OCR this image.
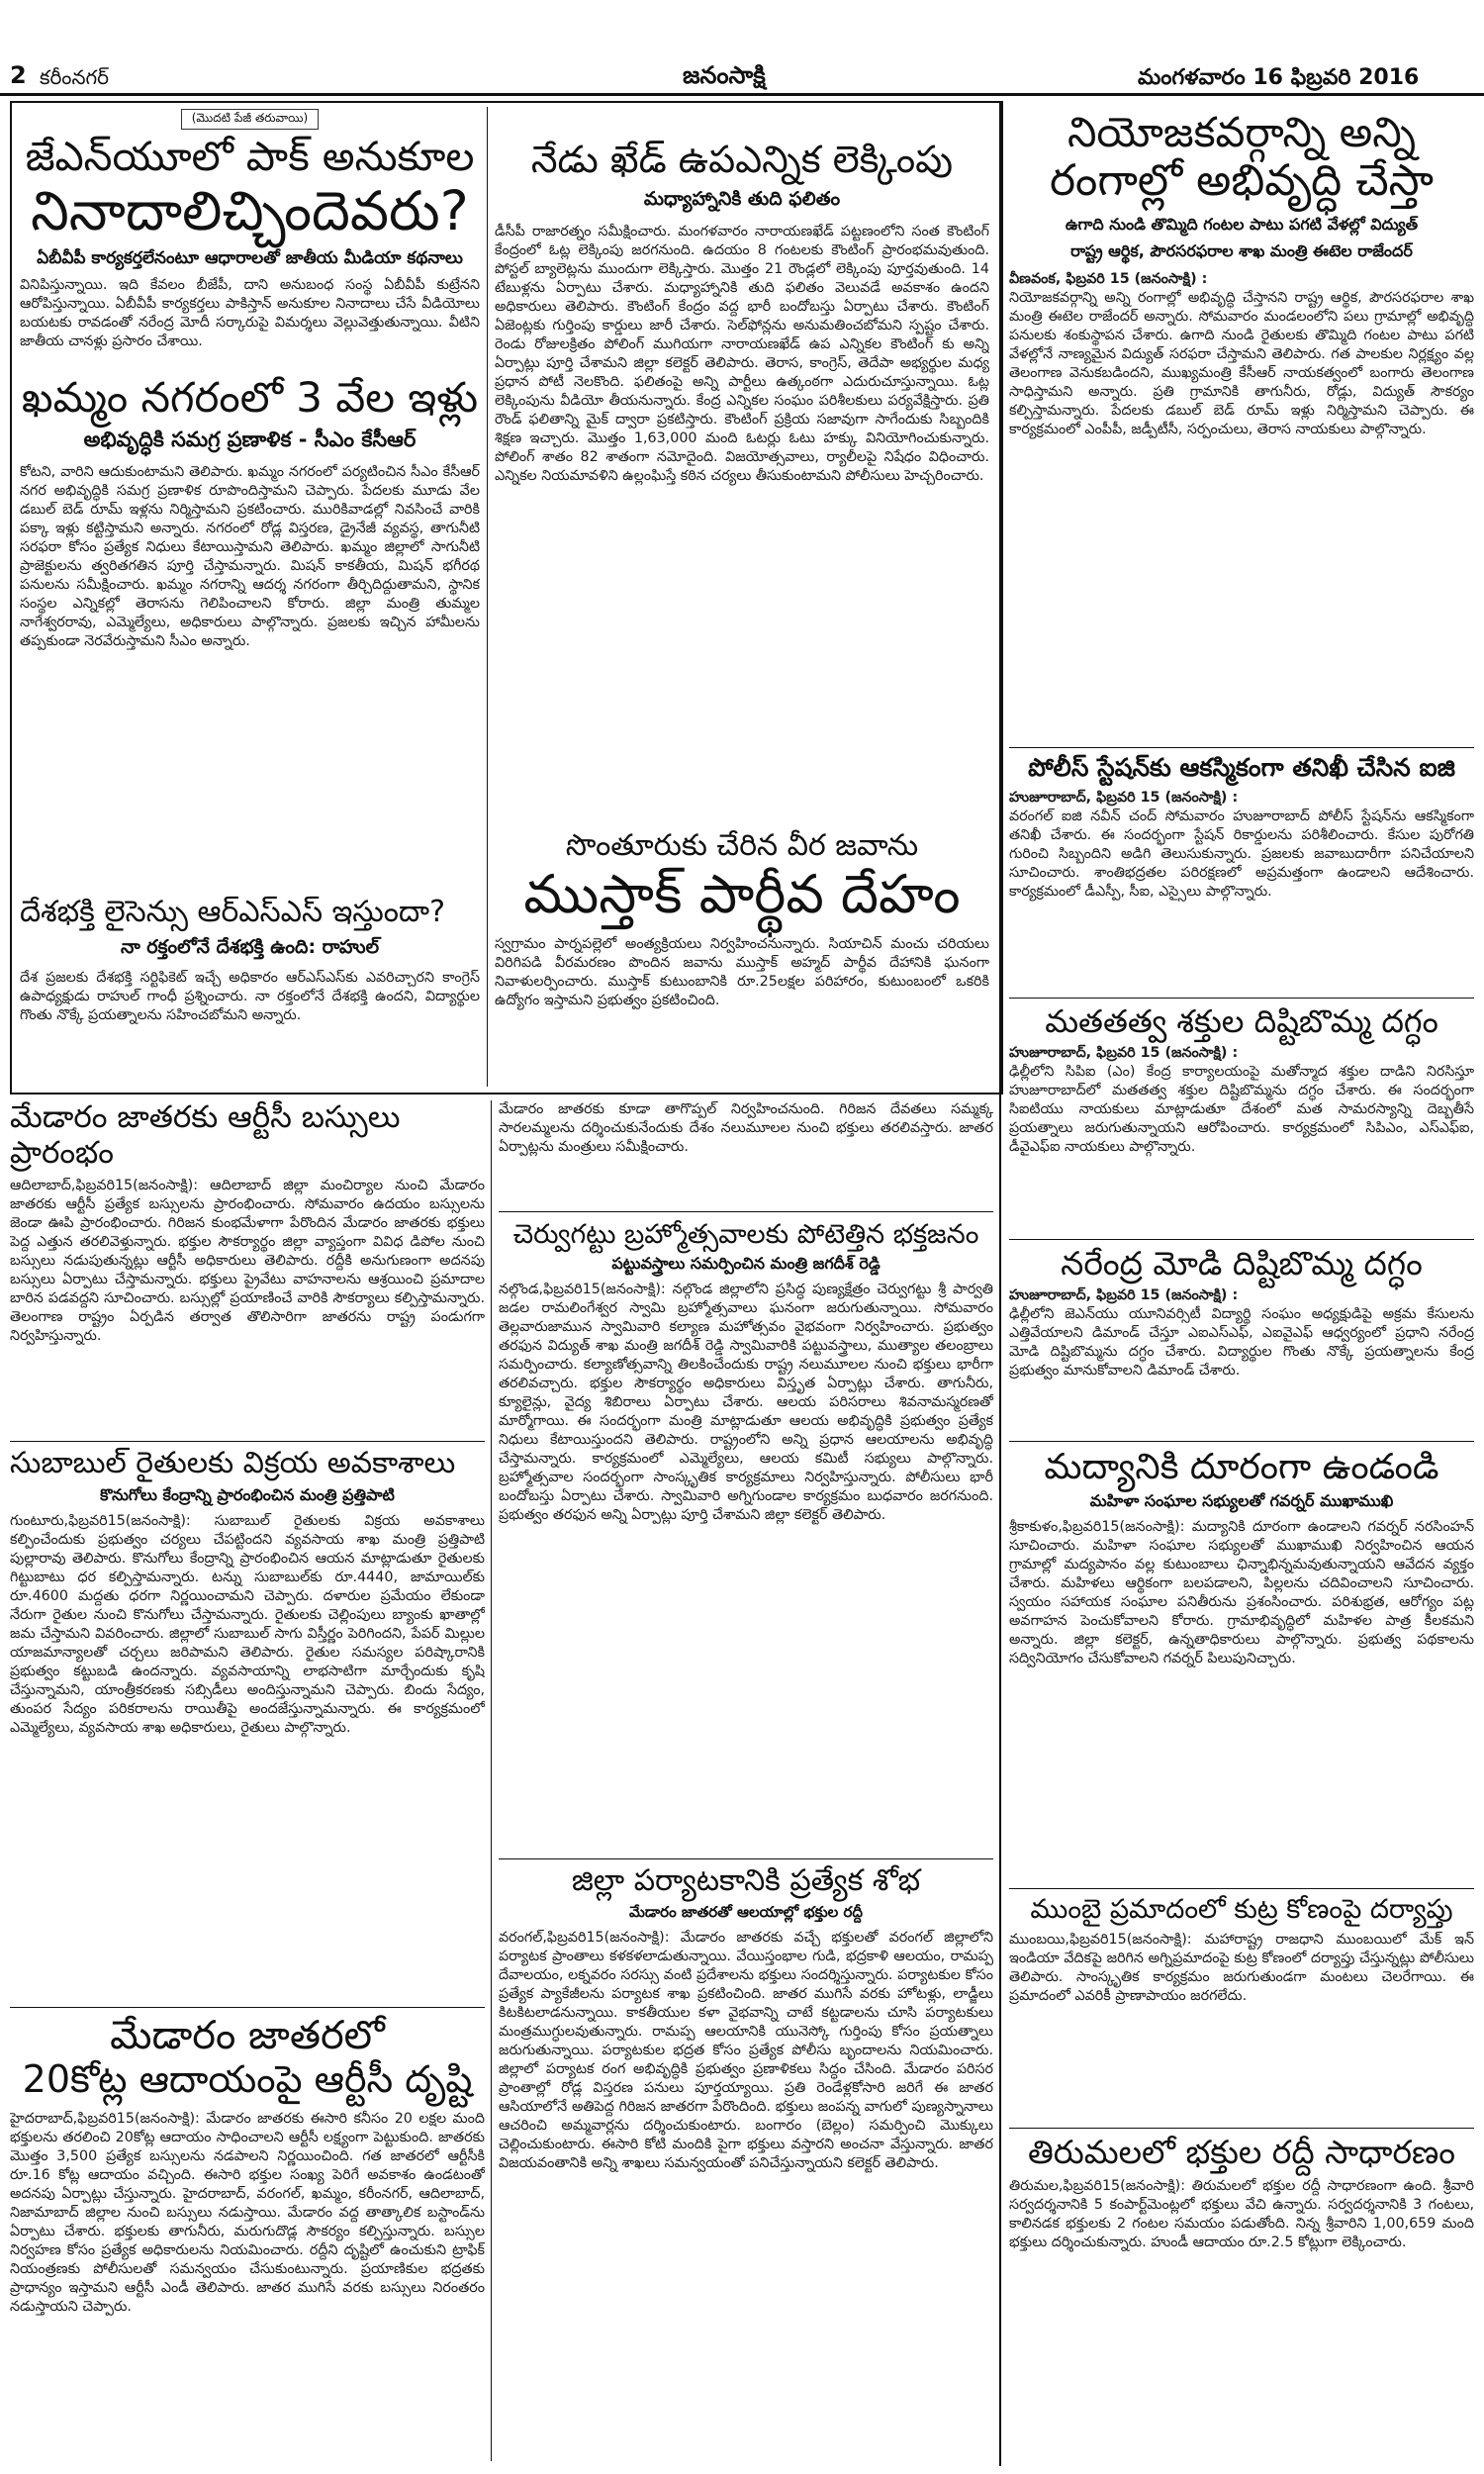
2 కరీంనగర్	జనంసాక్షి	మంగళవారం 16 ఫిబ్రవరి 2016
(మొదటి పేజీ తరువాయి)
జేఎన్‌యూలో పాక్ అనుకూల
నినాదాలిచ్చిందెవరు?
ఏబీవీపీ కార్యకర్తలేనంటూ ఆధారాలతో జాతీయ మీడియా కథనాలు
వినిపిస్తున్నాయి. ఇది కేవలం బీజేపీ, దాని అనుబంధ సంస్థ ఏబీవీపీ కుట్రేనని ఆరోపిస్తున్నాయి. ఏబీవీపీ కార్యకర్తలు పాకిస్తాన్ అనుకూల నినాదాలు చేసే వీడియోలు బయటకు రావడంతో నరేంద్ర మోదీ సర్కారుపై విమర్శలు వెల్లువెత్తుతున్నాయి. వీటిని జాతీయ చానళ్లు ప్రసారం చేశాయి.
ఖమ్మం నగరంలో 3 వేల ఇళ్లు
అభివృద్ధికి సమగ్ర ప్రణాళిక - సీఎం కేసీఆర్
కోటని, వారిని ఆదుకుంటామని తెలిపారు. ఖమ్మం నగరంలో పర్యటించిన సీఎం కేసీఆర్ నగర అభివృద్ధికి సమగ్ర ప్రణాళిక రూపొందిస్తామని చెప్పారు. పేదలకు మూడు వేల డబుల్ బెడ్ రూమ్ ఇళ్లను నిర్మిస్తామని ప్రకటించారు. మురికివాడల్లో నివసించే వారికి పక్కా ఇళ్లు కట్టిస్తామని అన్నారు. నగరంలో రోడ్ల విస్తరణ, డ్రైనేజీ వ్యవస్థ, తాగునీటి సరఫరా కోసం ప్రత్యేక నిధులు కేటాయిస్తామని తెలిపారు. ఖమ్మం జిల్లాలో సాగునీటి ప్రాజెక్టులను త్వరితగతిన పూర్తి చేస్తామన్నారు. మిషన్ కాకతీయ, మిషన్ భగీరథ పనులను సమీక్షించారు. ఖమ్మం నగరాన్ని ఆదర్శ నగరంగా తీర్చిదిద్దుతామని, స్థానిక సంస్థల ఎన్నికల్లో తెరాసను గెలిపించాలని కోరారు. జిల్లా మంత్రి తుమ్మల నాగేశ్వరరావు, ఎమ్మెల్యేలు, అధికారులు పాల్గొన్నారు. ప్రజలకు ఇచ్చిన హామీలను తప్పకుండా నెరవేరుస్తామని సీఎం అన్నారు.
దేశభక్తి లైసెన్సు ఆర్ఎస్ఎస్ ఇస్తుందా?
నా రక్తంలోనే దేశభక్తి ఉంది: రాహుల్
దేశ ప్రజలకు దేశభక్తి సర్టిఫికెట్ ఇచ్చే అధికారం ఆర్ఎస్ఎస్‌కు ఎవరిచ్చారని కాంగ్రెస్ ఉపాధ్యక్షుడు రాహుల్ గాంధీ ప్రశ్నించారు. నా రక్తంలోనే దేశభక్తి ఉందని, విద్యార్థుల గొంతు నొక్కే ప్రయత్నాలను సహించబోమని అన్నారు.
నేడు ఖేడ్ ఉపఎన్నిక లెక్కింపు
మధ్యాహ్నానికి తుది ఫలితం
డీసీపీ రాజారత్నం సమీక్షించారు. మంగళవారం నారాయణఖేడ్ పట్టణంలోని సంత కౌంటింగ్ కేంద్రంలో ఓట్ల లెక్కింపు జరగనుంది. ఉదయం 8 గంటలకు కౌంటింగ్ ప్రారంభమవుతుంది. పోస్టల్ బ్యాలెట్లను ముందుగా లెక్కిస్తారు. మొత్తం 21 రౌండ్లలో లెక్కింపు పూర్తవుతుంది. 14 టేబుళ్లను ఏర్పాటు చేశారు. మధ్యాహ్నానికి తుది ఫలితం వెలువడే అవకాశం ఉందని అధికారులు తెలిపారు. కౌంటింగ్ కేంద్రం వద్ద భారీ బందోబస్తు ఏర్పాటు చేశారు. కౌంటింగ్ ఏజెంట్లకు గుర్తింపు కార్డులు జారీ చేశారు. సెల్‌ఫోన్లను అనుమతించబోమని స్పష్టం చేశారు. రెండు రోజులక్రితం పోలింగ్ ముగియగా నారాయణఖేడ్ ఉప ఎన్నికల కౌంటింగ్ కు అన్ని ఏర్పాట్లు పూర్తి చేశామని జిల్లా కలెక్టర్ తెలిపారు. తెరాస, కాంగ్రెస్, తెదేపా అభ్యర్థుల మధ్య ప్రధాన పోటీ నెలకొంది. ఫలితంపై అన్ని పార్టీలు ఉత్కంఠగా ఎదురుచూస్తున్నాయి. ఓట్ల లెక్కింపును వీడియో తీయనున్నారు. కేంద్ర ఎన్నికల సంఘం పరిశీలకులు పర్యవేక్షిస్తారు. ప్రతి రౌండ్ ఫలితాన్ని మైక్ ద్వారా ప్రకటిస్తారు. కౌంటింగ్ ప్రక్రియ సజావుగా సాగేందుకు సిబ్బందికి శిక్షణ ఇచ్చారు. మొత్తం 1,63,000 మంది ఓటర్లు ఓటు హక్కు వినియోగించుకున్నారు. పోలింగ్ శాతం 82 శాతంగా నమోదైంది. విజయోత్సవాలు, ర్యాలీలపై నిషేధం విధించారు. ఎన్నికల నియమావళిని ఉల్లంఘిస్తే కఠిన చర్యలు తీసుకుంటామని పోలీసులు హెచ్చరించారు.
సొంతూరుకు చేరిన వీర జవాను
ముస్తాక్ పార్థీవ దేహం
స్వగ్రామం పార్నపల్లెలో అంత్యక్రియలు నిర్వహించనున్నారు. సియాచిన్ మంచు చరియలు విరిగిపడి వీరమరణం పొందిన జవాను ముస్తాక్ అహ్మద్ పార్థీవ దేహానికి ఘనంగా నివాళులర్పించారు. ముస్తాక్ కుటుంబానికి రూ.25లక్షల పరిహారం, కుటుంబంలో ఒకరికి ఉద్యోగం ఇస్తామని ప్రభుత్వం ప్రకటించింది.
నియోజకవర్గాన్ని అన్ని
రంగాల్లో అభివృద్ధి చేస్తా
ఉగాది నుండి తొమ్మిది గంటల పాటు పగటి వేళల్లో విద్యుత్
రాష్ట్ర ఆర్థిక, పౌరసరఫరాల శాఖ మంత్రి ఈటెల రాజేందర్
వీణవంక, ఫిబ్రవరి 15 (జనంసాక్షి) :
నియోజకవర్గాన్ని అన్ని రంగాల్లో అభివృద్ధి చేస్తానని రాష్ట్ర ఆర్థిక, పౌరసరఫరాల శాఖ మంత్రి ఈటెల రాజేందర్ అన్నారు. సోమవారం మండలంలోని పలు గ్రామాల్లో అభివృద్ధి పనులకు శంకుస్థాపన చేశారు. ఉగాది నుండి రైతులకు తొమ్మిది గంటల పాటు పగటి వేళల్లోనే నాణ్యమైన విద్యుత్ సరఫరా చేస్తామని తెలిపారు. గత పాలకుల నిర్లక్ష్యం వల్ల తెలంగాణ వెనుకబడిందని, ముఖ్యమంత్రి కేసీఆర్ నాయకత్వంలో బంగారు తెలంగాణ సాధిస్తామని అన్నారు. ప్రతి గ్రామానికి తాగునీరు, రోడ్లు, విద్యుత్ సౌకర్యం కల్పిస్తామన్నారు. పేదలకు డబుల్ బెడ్ రూమ్ ఇళ్లు నిర్మిస్తామని చెప్పారు. ఈ కార్యక్రమంలో ఎంపీపీ, జడ్పీటీసీ, సర్పంచులు, తెరాస నాయకులు పాల్గొన్నారు.
పోలీస్ స్టేషన్‌కు ఆకస్మికంగా తనిఖీ చేసిన ఐజి
హుజూరాబాద్, ఫిబ్రవరి 15 (జనంసాక్షి) :
వరంగల్ ఐజి నవీన్ చంద్ సోమవారం హుజూరాబాద్ పోలీస్ స్టేషన్‌ను ఆకస్మికంగా తనిఖీ చేశారు. ఈ సందర్భంగా స్టేషన్ రికార్డులను పరిశీలించారు. కేసుల పురోగతి గురించి సిబ్బందిని అడిగి తెలుసుకున్నారు. ప్రజలకు జవాబుదారీగా పనిచేయాలని సూచించారు. శాంతిభద్రతల పరిరక్షణలో అప్రమత్తంగా ఉండాలని ఆదేశించారు. కార్యక్రమంలో డీఎస్పీ, సీఐ, ఎస్సైలు పాల్గొన్నారు.
మతతత్వ శక్తుల దిష్టిబొమ్మ దగ్ధం
హుజూరాబాద్, ఫిబ్రవరి 15 (జనంసాక్షి) :
ఢిల్లీలోని సిపిఐ (ఎం) కేంద్ర కార్యాలయంపై మతోన్మాద శక్తుల దాడిని నిరసిస్తూ హుజూరాబాద్‌లో మతతత్వ శక్తుల దిష్టిబొమ్మను దగ్ధం చేశారు. ఈ సందర్భంగా సిఐటియు నాయకులు మాట్లాడుతూ దేశంలో మత సామరస్యాన్ని దెబ్బతీసే ప్రయత్నాలు జరుగుతున్నాయని ఆరోపించారు. కార్యక్రమంలో సిపిఎం, ఎస్ఎఫ్ఐ, డీవైఎఫ్ఐ నాయకులు పాల్గొన్నారు.
నరేంద్ర మోడి దిష్టిబొమ్మ దగ్ధం
హుజూరాబాద్, ఫిబ్రవరి 15 (జనంసాక్షి) :
ఢిల్లీలోని జెఎన్‌యు యూనివర్సిటీ విద్యార్థి సంఘం అధ్యక్షుడిపై అక్రమ కేసులను ఎత్తివేయాలని డిమాండ్ చేస్తూ ఎఐఎస్ఎఫ్, ఎఐవైఎఫ్ ఆధ్వర్యంలో ప్రధాని నరేంద్ర మోడి దిష్టిబొమ్మను దగ్ధం చేశారు. విద్యార్థుల గొంతు నొక్కే ప్రయత్నాలను కేంద్ర ప్రభుత్వం మానుకోవాలని డిమాండ్ చేశారు.
మద్యానికి దూరంగా ఉండండి
మహిళా సంఘాల సభ్యులతో గవర్నర్ ముఖాముఖి
శ్రీకాకుళం,ఫిబ్రవరి15(జనంసాక్షి): మద్యానికి దూరంగా ఉండాలని గవర్నర్ నరసింహన్ సూచించారు. మహిళా సంఘాల సభ్యులతో ముఖాముఖి నిర్వహించిన ఆయన గ్రామాల్లో మద్యపానం వల్ల కుటుంబాలు ఛిన్నాభిన్నమవుతున్నాయని ఆవేదన వ్యక్తం చేశారు. మహిళలు ఆర్థికంగా బలపడాలని, పిల్లలను చదివించాలని సూచించారు. స్వయం సహాయక సంఘాల పనితీరును ప్రశంసించారు. పరిశుభ్రత, ఆరోగ్యం పట్ల అవగాహన పెంచుకోవాలని కోరారు. గ్రామాభివృద్ధిలో మహిళల పాత్ర కీలకమని అన్నారు. జిల్లా కలెక్టర్, ఉన్నతాధికారులు పాల్గొన్నారు. ప్రభుత్వ పథకాలను సద్వినియోగం చేసుకోవాలని గవర్నర్ పిలుపునిచ్చారు.
ముంబై ప్రమాదంలో కుట్ర కోణంపై దర్యాప్తు
ముంబయి,ఫిబ్రవరి15(జనంసాక్షి): మహారాష్ట్ర రాజధాని ముంబయిలో మేక్ ఇన్ ఇండియా వేదికపై జరిగిన అగ్నిప్రమాదంపై కుట్ర కోణంలో దర్యాప్తు చేస్తున్నట్లు పోలీసులు తెలిపారు. సాంస్కృతిక కార్యక్రమం జరుగుతుండగా మంటలు చెలరేగాయి. ఈ ప్రమాదంలో ఎవరికీ ప్రాణాపాయం జరగలేదు.
తిరుమలలో భక్తుల రద్దీ సాధారణం
తిరుమల,ఫిబ్రవరి15(జనంసాక్షి): తిరుమలలో భక్తుల రద్దీ సాధారణంగా ఉంది. శ్రీవారి సర్వదర్శనానికి 5 కంపార్ట్‌మెంట్లలో భక్తులు వేచి ఉన్నారు. సర్వదర్శనానికి 3 గంటలు, కాలినడక భక్తులకు 2 గంటల సమయం పడుతోంది. నిన్న శ్రీవారిని 1,00,659 మంది భక్తులు దర్శించుకున్నారు. హుండీ ఆదాయం రూ.2.5 కోట్లుగా లెక్కించారు.
మేడారం జాతరకు ఆర్టీసీ బస్సులు ప్రారంభం
ఆదిలాబాద్,ఫిబ్రవరి15(జనంసాక్షి): ఆదిలాబాద్ జిల్లా మంచిర్యాల నుంచి మేడారం జాతరకు ఆర్టీసీ ప్రత్యేక బస్సులను ప్రారంభించారు. సోమవారం ఉదయం బస్సులను జెండా ఊపి ప్రారంభించారు. గిరిజన కుంభమేళాగా పేరొందిన మేడారం జాతరకు భక్తులు పెద్ద ఎత్తున తరలివెళ్తున్నారు. భక్తుల సౌకర్యార్థం జిల్లా వ్యాప్తంగా వివిధ డిపోల నుంచి బస్సులు నడుపుతున్నట్లు ఆర్టీసీ అధికారులు తెలిపారు. రద్దీకి అనుగుణంగా అదనపు బస్సులు ఏర్పాటు చేస్తామన్నారు. భక్తులు ప్రైవేటు వాహనాలను ఆశ్రయించి ప్రమాదాల బారిన పడవద్దని సూచించారు. బస్సుల్లో ప్రయాణించే వారికి సౌకర్యాలు కల్పిస్తామన్నారు. తెలంగాణ రాష్ట్రం ఏర్పడిన తర్వాత తొలిసారిగా జాతరను రాష్ట్ర పండుగగా నిర్వహిస్తున్నారు.
సుబాబుల్ రైతులకు విక్రయ అవకాశాలు
కొనుగోలు కేంద్రాన్ని ప్రారంభించిన మంత్రి ప్రత్తిపాటి
గుంటూరు,ఫిబ్రవరి15(జనంసాక్షి): సుబాబుల్ రైతులకు విక్రయ అవకాశాలు కల్పించేందుకు ప్రభుత్వం చర్యలు చేపట్టిందని వ్యవసాయ శాఖ మంత్రి ప్రత్తిపాటి పుల్లారావు తెలిపారు. కొనుగోలు కేంద్రాన్ని ప్రారంభించిన ఆయన మాట్లాడుతూ రైతులకు గిట్టుబాటు ధర కల్పిస్తామన్నారు. టన్ను సుబాబుల్‌కు రూ.4440, జామాయిల్‌కు రూ.4600 మద్దతు ధరగా నిర్ణయించామని చెప్పారు. దళారుల ప్రమేయం లేకుండా నేరుగా రైతుల నుంచి కొనుగోలు చేస్తామన్నారు. రైతులకు చెల్లింపులు బ్యాంకు ఖాతాల్లో జమ చేస్తామని వివరించారు. జిల్లాలో సుబాబుల్ సాగు విస్తీర్ణం పెరిగిందని, పేపర్ మిల్లుల యాజమాన్యాలతో చర్చలు జరిపామని తెలిపారు. రైతుల సమస్యల పరిష్కారానికి ప్రభుత్వం కట్టుబడి ఉందన్నారు. వ్యవసాయాన్ని లాభసాటిగా మార్చేందుకు కృషి చేస్తున్నామని, యాంత్రీకరణకు సబ్సిడీలు అందిస్తున్నామని చెప్పారు. బిందు సేద్యం, తుంపర సేద్యం పరికరాలను రాయితీపై అందజేస్తున్నామన్నారు. ఈ కార్యక్రమంలో ఎమ్మెల్యేలు, వ్యవసాయ శాఖ అధికారులు, రైతులు పాల్గొన్నారు.
మేడారం జాతరలో
20కోట్ల ఆదాయంపై ఆర్టీసీ దృష్టి
హైదరాబాద్,ఫిబ్రవరి15(జనంసాక్షి): మేడారం జాతరకు ఈసారి కనీసం 20 లక్షల మంది భక్తులను తరలించి 20కోట్ల ఆదాయం సాధించాలని ఆర్టీసీ లక్ష్యంగా పెట్టుకుంది. జాతరకు మొత్తం 3,500 ప్రత్యేక బస్సులను నడపాలని నిర్ణయించింది. గత జాతరలో ఆర్టీసీకి రూ.16 కోట్ల ఆదాయం వచ్చింది. ఈసారి భక్తుల సంఖ్య పెరిగే అవకాశం ఉండటంతో అదనపు ఏర్పాట్లు చేస్తున్నారు. హైదరాబాద్, వరంగల్, ఖమ్మం, కరీంనగర్, ఆదిలాబాద్, నిజామాబాద్ జిల్లాల నుంచి బస్సులు నడుస్తాయి. మేడారం వద్ద తాత్కాలిక బస్టాండ్‌ను ఏర్పాటు చేశారు. భక్తులకు తాగునీరు, మరుగుదొడ్ల సౌకర్యం కల్పిస్తున్నారు. బస్సుల నిర్వహణ కోసం ప్రత్యేక అధికారులను నియమించారు. రద్దీని దృష్టిలో ఉంచుకుని ట్రాఫిక్ నియంత్రణకు పోలీసులతో సమన్వయం చేసుకుంటున్నారు. ప్రయాణికుల భద్రతకు ప్రాధాన్యం ఇస్తామని ఆర్టీసీ ఎండీ తెలిపారు. జాతర ముగిసే వరకు బస్సులు నిరంతరం నడుస్తాయని చెప్పారు.
మేడారం జాతరకు కూడా తాగొప్పల్ నిర్వహించనుంది. గిరిజన దేవతలు సమ్మక్క సారలమ్మలను దర్శించుకునేందుకు దేశం నలుమూలల నుంచి భక్తులు తరలివస్తారు. జాతర ఏర్పాట్లను మంత్రులు సమీక్షించారు.
చెర్వుగట్టు బ్రహ్మోత్సవాలకు పోటెత్తిన భక్తజనం
పట్టువస్త్రాలు సమర్పించిన మంత్రి జగదీశ్ రెడ్డి
నల్గొండ,ఫిబ్రవరి15(జనంసాక్షి): నల్గొండ జిల్లాలోని ప్రసిద్ధ పుణ్యక్షేత్రం చెర్వుగట్టు శ్రీ పార్వతి జడల రామలింగేశ్వర స్వామి బ్రహ్మోత్సవాలు ఘనంగా జరుగుతున్నాయి. సోమవారం తెల్లవారుజామున స్వామివారి కల్యాణ మహోత్సవం వైభవంగా నిర్వహించారు. ప్రభుత్వం తరఫున విద్యుత్ శాఖ మంత్రి జగదీశ్ రెడ్డి స్వామివారికి పట్టువస్త్రాలు, ముత్యాల తలంబ్రాలు సమర్పించారు. కల్యాణోత్సవాన్ని తిలకించేందుకు రాష్ట్ర నలుమూలల నుంచి భక్తులు భారీగా తరలివచ్చారు. భక్తుల సౌకర్యార్థం అధికారులు విస్తృత ఏర్పాట్లు చేశారు. తాగునీరు, క్యూలైన్లు, వైద్య శిబిరాలు ఏర్పాటు చేశారు. ఆలయ పరిసరాలు శివనామస్మరణతో మార్మోగాయి. ఈ సందర్భంగా మంత్రి మాట్లాడుతూ ఆలయ అభివృద్ధికి ప్రభుత్వం ప్రత్యేక నిధులు కేటాయిస్తుందని తెలిపారు. రాష్ట్రంలోని అన్ని ప్రధాన ఆలయాలను అభివృద్ధి చేస్తామన్నారు. కార్యక్రమంలో ఎమ్మెల్యేలు, ఆలయ కమిటీ సభ్యులు పాల్గొన్నారు. బ్రహ్మోత్సవాల సందర్భంగా సాంస్కృతిక కార్యక్రమాలు నిర్వహిస్తున్నారు. పోలీసులు భారీ బందోబస్తు ఏర్పాటు చేశారు. స్వామివారి అగ్నిగుండాల కార్యక్రమం బుధవారం జరగనుంది. ప్రభుత్వం తరఫున అన్ని ఏర్పాట్లు పూర్తి చేశామని జిల్లా కలెక్టర్ తెలిపారు.
జిల్లా పర్యాటకానికి ప్రత్యేక శోభ
మేడారం జాతరతో ఆలయాల్లో భక్తుల రద్దీ
వరంగల్,ఫిబ్రవరి15(జనంసాక్షి): మేడారం జాతరకు వచ్చే భక్తులతో వరంగల్ జిల్లాలోని పర్యాటక ప్రాంతాలు కళకళలాడుతున్నాయి. వేయిస్తంభాల గుడి, భద్రకాళి ఆలయం, రామప్ప దేవాలయం, లక్నవరం సరస్సు వంటి ప్రదేశాలను భక్తులు సందర్శిస్తున్నారు. పర్యాటకుల కోసం ప్రత్యేక ప్యాకేజీలను పర్యాటక శాఖ ప్రకటించింది. జాతర ముగిసే వరకు హోటళ్లు, లాడ్జీలు కిటకిటలాడనున్నాయి. కాకతీయుల కళా వైభవాన్ని చాటే కట్టడాలను చూసి పర్యాటకులు మంత్రముగ్ధులవుతున్నారు. రామప్ప ఆలయానికి యునెస్కో గుర్తింపు కోసం ప్రయత్నాలు జరుగుతున్నాయి. పర్యాటకుల భద్రత కోసం ప్రత్యేక పోలీసు బృందాలను నియమించారు. జిల్లాలో పర్యాటక రంగ అభివృద్ధికి ప్రభుత్వం ప్రణాళికలు సిద్ధం చేసింది. మేడారం పరిసర ప్రాంతాల్లో రోడ్ల విస్తరణ పనులు పూర్తయ్యాయి. ప్రతి రెండేళ్లకోసారి జరిగే ఈ జాతర ఆసియాలోనే అతిపెద్ద గిరిజన జాతరగా పేరొందింది. భక్తులు జంపన్న వాగులో పుణ్యస్నానాలు ఆచరించి అమ్మవార్లను దర్శించుకుంటారు. బంగారం (బెల్లం) సమర్పించి మొక్కులు చెల్లించుకుంటారు. ఈసారి కోటి మందికి పైగా భక్తులు వస్తారని అంచనా వేస్తున్నారు. జాతర విజయవంతానికి అన్ని శాఖలు సమన్వయంతో పనిచేస్తున్నాయని కలెక్టర్ తెలిపారు.
